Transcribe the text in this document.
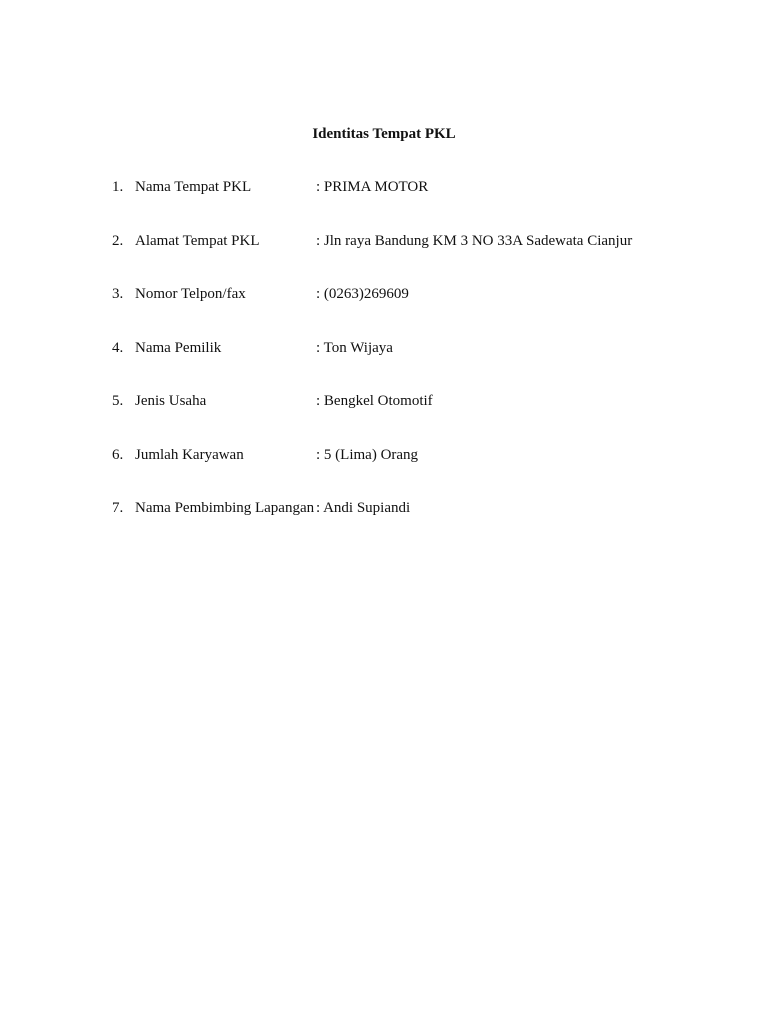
Identitas Tempat PKL
1. Nama Tempat PKL	: PRIMA MOTOR
2. Alamat Tempat PKL	: Jln raya Bandung KM 3 NO 33A Sadewata Cianjur
3. Nomor Telpon/fax	: (0263)269609
4. Nama Pemilik	: Ton Wijaya
5. Jenis Usaha	: Bengkel Otomotif
6. Jumlah Karyawan	: 5 (Lima) Orang
7. Nama Pembimbing Lapangan : Andi Supiandi
